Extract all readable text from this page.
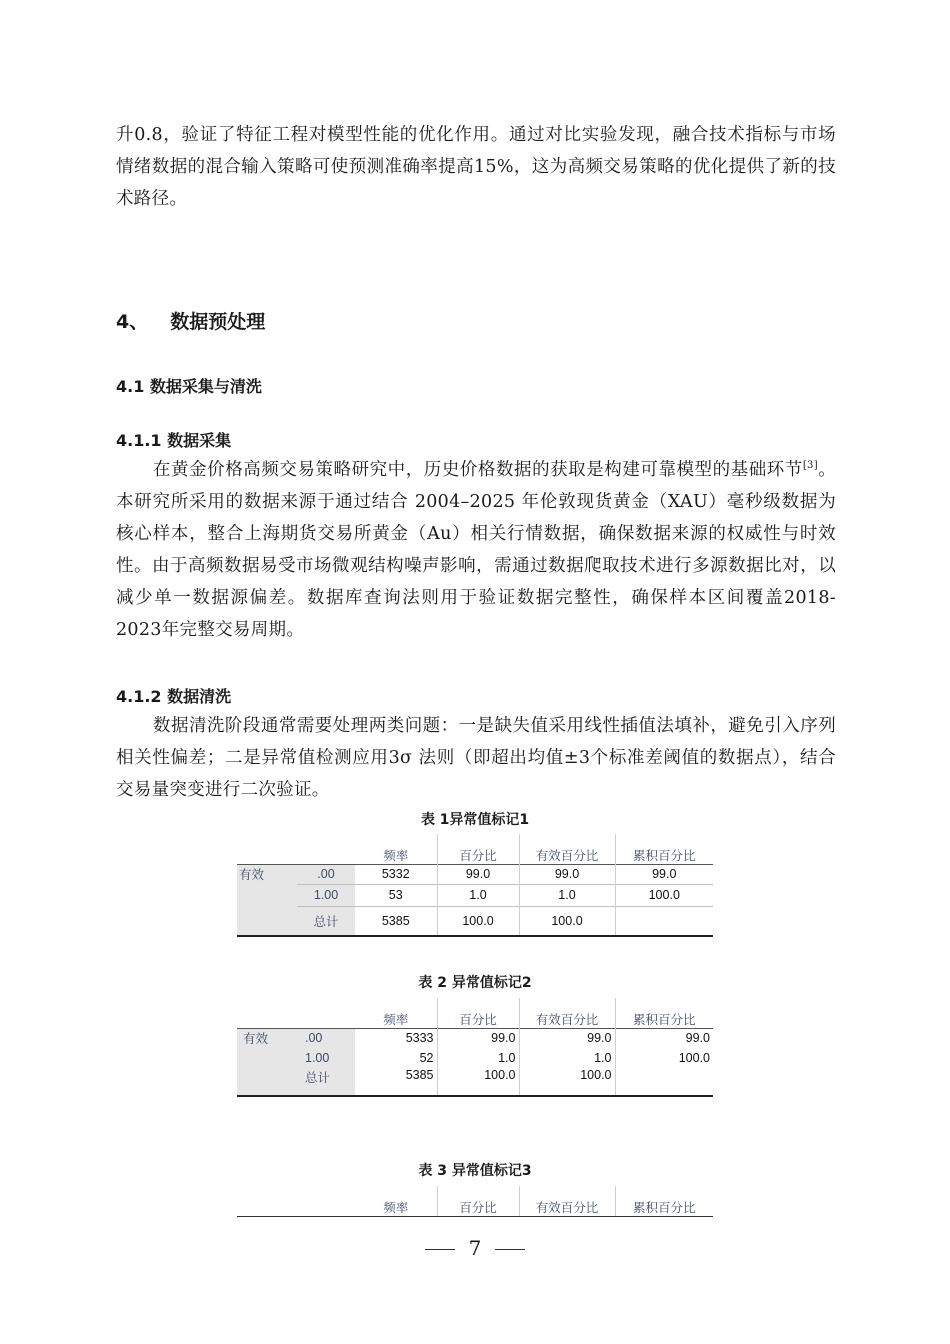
升0.8，验证了特征工程对模型性能的优化作用。通过对比实验发现，融合技术指标与市场情绪数据的混合输入策略可使预测准确率提高15%，这为高频交易策略的优化提供了新的技术路径。

4、 数据预处理
4.1 数据采集与清洗
4.1.1 数据采集

在黄金价格高频交易策略研究中，历史价格数据的获取是构建可靠模型的基础环节[3]。本研究所采用的数据来源于通过结合 2004–2025 年伦敦现货黄金（XAU）毫秒级数据为核心样本，整合上海期货交易所黄金（Au）相关行情数据，确保数据来源的权威性与时效性。由于高频数据易受市场微观结构噪声影响，需通过数据爬取技术进行多源数据比对，以减少单一数据源偏差。数据库查询法则用于验证数据完整性，确保样本区间覆盖2018-2023年完整交易周期。

4.1.2 数据清洗

数据清洗阶段通常需要处理两类问题：一是缺失值采用线性插值法填补，避免引入序列相关性偏差；二是异常值检测应用3σ 法则（即超出均值±3个标准差阈值的数据点），结合交易量突变进行二次验证。

表 1异常值标记1

		频率	百分比	有效百分比	累积百分比
有效	.00	5332	99.0	99.0	99.0
	1.00	53	1.0	1.0	100.0
	总计	5385	100.0	100.0	

表 2 异常值标记2

		频率	百分比	有效百分比	累积百分比
有效	.00	5333	99.0	99.0	99.0
	1.00	52	1.0	1.0	100.0
	总计	5385	100.0	100.0	

表 3 异常值标记3

		频率	百分比	有效百分比	累积百分比

7
